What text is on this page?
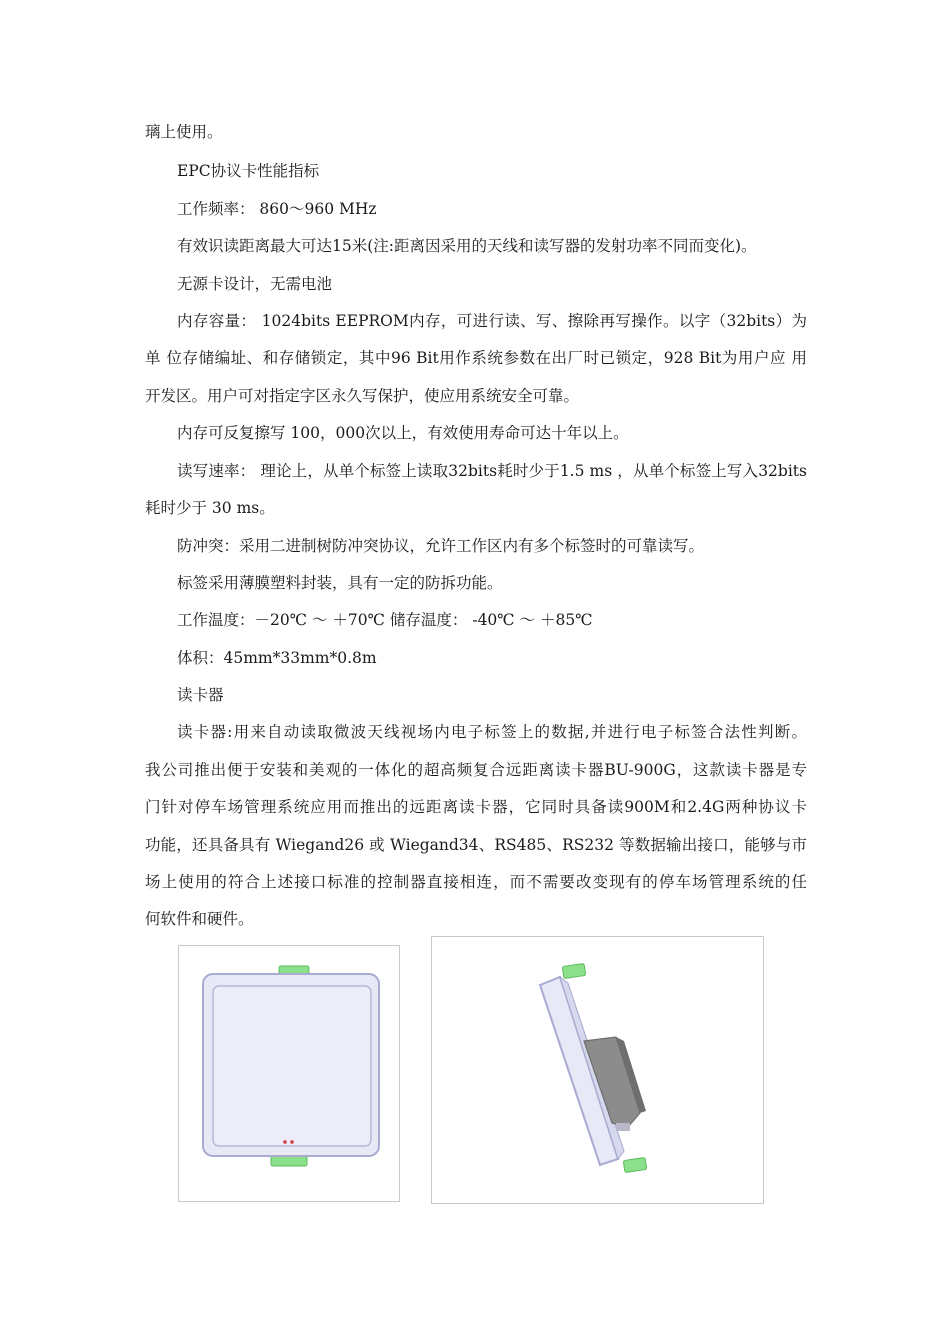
璃上使用。
EPC协议卡性能指标
工作频率： 860～960 MHz
有效识读距离最大可达15米(注:距离因采用的天线和读写器的发射功率不同而变化)。
无源卡设计，无需电池
内存容量： 1024bits EEPROM内存，可进行读、写、擦除再写操作。以字（32bits）为
单 位存储编址、和存储锁定，其中96 Bit用作系统参数在出厂时已锁定，928 Bit为用户应 用
开发区。用户可对指定字区永久写保护，使应用系统安全可靠。
内存可反复擦写 100，000次以上，有效使用寿命可达十年以上。
读写速率： 理论上，从单个标签上读取32bits耗时少于1.5 ms ，从单个标签上写入32bits
耗时少于 30 ms。
防冲突：采用二进制树防冲突协议，允许工作区内有多个标签时的可靠读写。
标签采用薄膜塑料封装，具有一定的防拆功能。
工作温度：－20℃ ～ ＋70℃ 储存温度： -40℃ ～ ＋85℃
体积：45mm*33mm*0.8m
读卡器
读卡器:用来自动读取微波天线视场内电子标签上的数据,并进行电子标签合法性判断。
我公司推出便于安装和美观的一体化的超高频复合远距离读卡器BU-900G，这款读卡器是专
门针对停车场管理系统应用而推出的远距离读卡器，它同时具备读900M和2.4G两种协议卡
功能，还具备具有 Wiegand26 或 Wiegand34、RS485、RS232 等数据输出接口，能够与市
场上使用的符合上述接口标准的控制器直接相连，而不需要改变现有的停车场管理系统的任
何软件和硬件。
